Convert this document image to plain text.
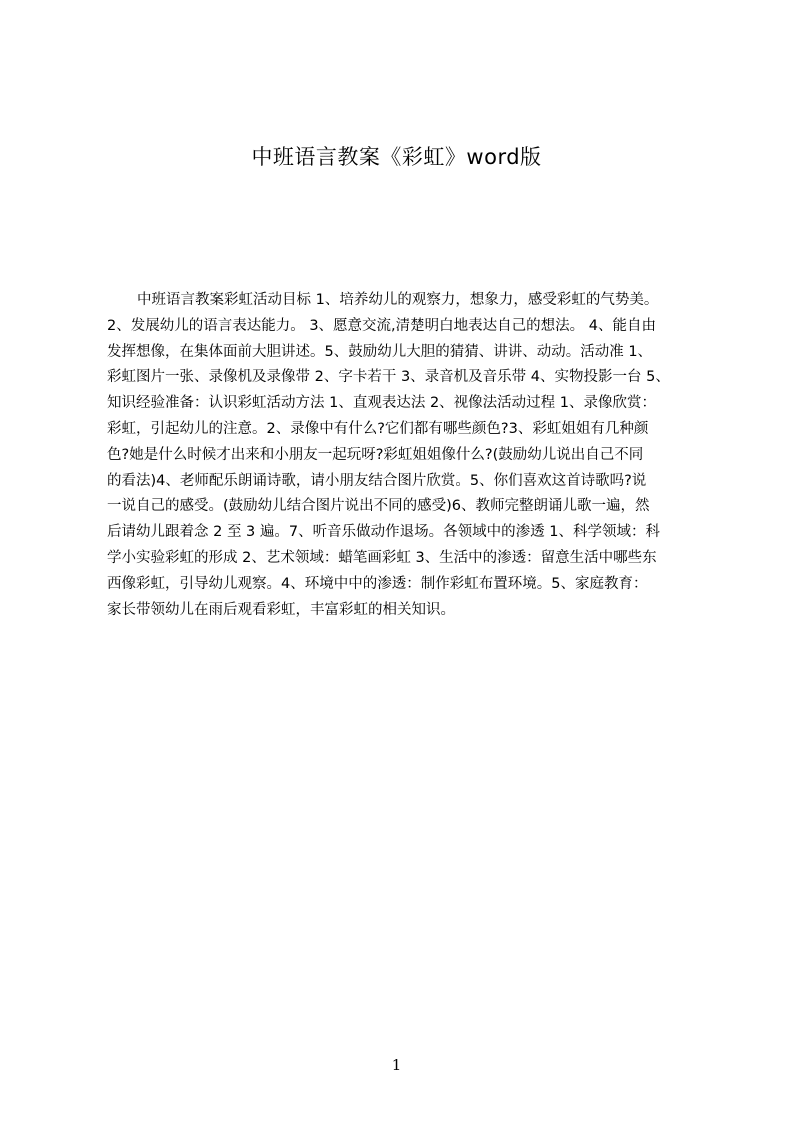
中班语言教案《彩虹》word版
中班语言教案彩虹活动目标 1、培养幼儿的观察力，想象力，感受彩虹的气势美。
2、发展幼儿的语言表达能力。 3、愿意交流,清楚明白地表达自己的想法。 4、能自由
发挥想像，在集体面前大胆讲述。5、鼓励幼儿大胆的猜猜、讲讲、动动。活动准 1、
彩虹图片一张、录像机及录像带 2、字卡若干 3、录音机及音乐带 4、实物投影一台 5、
知识经验准备：认识彩虹活动方法 1、直观表达法 2、视像法活动过程 1、录像欣赏：
彩虹，引起幼儿的注意。2、录像中有什么?它们都有哪些颜色?3、彩虹姐姐有几种颜
色?她是什么时候才出来和小朋友一起玩呀?彩虹姐姐像什么?(鼓励幼儿说出自己不同
的看法)4、老师配乐朗诵诗歌，请小朋友结合图片欣赏。5、你们喜欢这首诗歌吗?说
一说自己的感受。(鼓励幼儿结合图片说出不同的感受)6、教师完整朗诵儿歌一遍，然
后请幼儿跟着念 2 至 3 遍。7、听音乐做动作退场。各领域中的渗透 1、科学领域：科
学小实验彩虹的形成 2、艺术领域：蜡笔画彩虹 3、生活中的渗透：留意生活中哪些东
西像彩虹，引导幼儿观察。4、环境中中的渗透：制作彩虹布置环境。5、家庭教育：
家长带领幼儿在雨后观看彩虹，丰富彩虹的相关知识。
1
